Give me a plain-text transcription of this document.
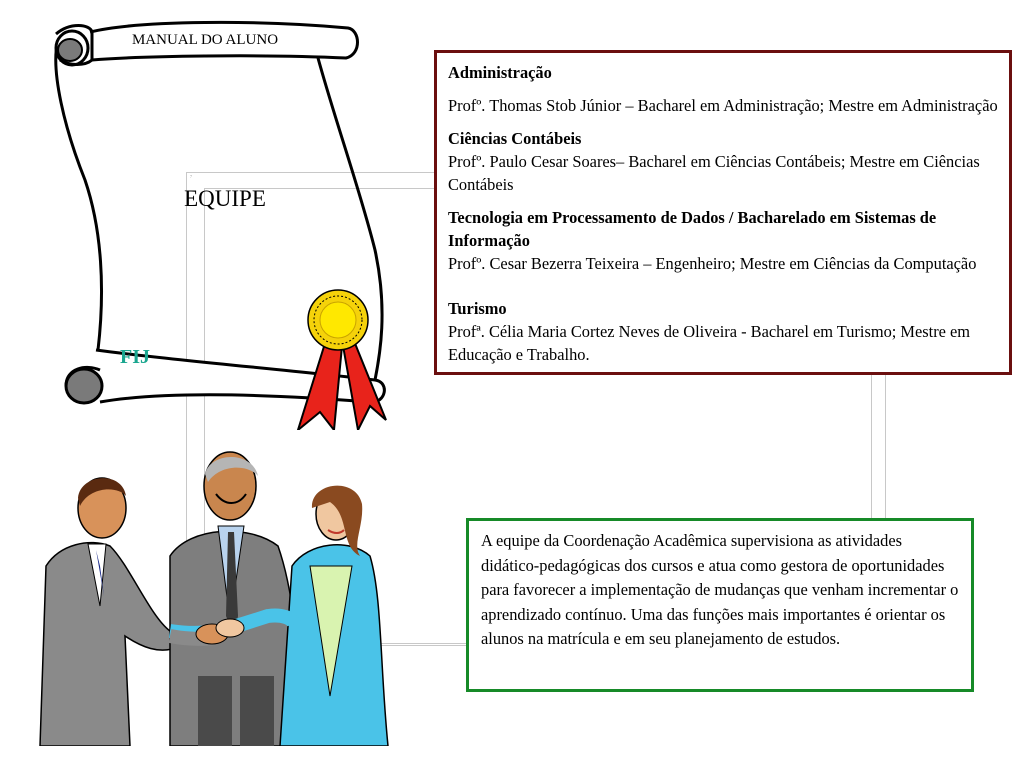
7
MANUAL DO ALUNO
EQUIPE
FIJ
Administração
Profº. Thomas Stob Júnior – Bacharel em Administração; Mestre em Administração
Ciências Contábeis
Profº. Paulo Cesar Soares– Bacharel em Ciências Contábeis; Mestre em Ciências Contábeis
Tecnologia em Processamento de Dados / Bacharelado em Sistemas de Informação
Profº. Cesar Bezerra Teixeira – Engenheiro; Mestre em Ciências da Computação
Turismo
Profª. Célia Maria Cortez Neves de Oliveira - Bacharel em Turismo; Mestre em Educação e Trabalho.
A equipe da Coordenação Acadêmica supervisiona as atividades didático-pedagógicas dos cursos e atua como gestora de oportunidades para favorecer a implementação de mudanças que venham incrementar o aprendizado contínuo. Uma das funções mais importantes é orientar os alunos na matrícula e em seu planejamento de estudos.
